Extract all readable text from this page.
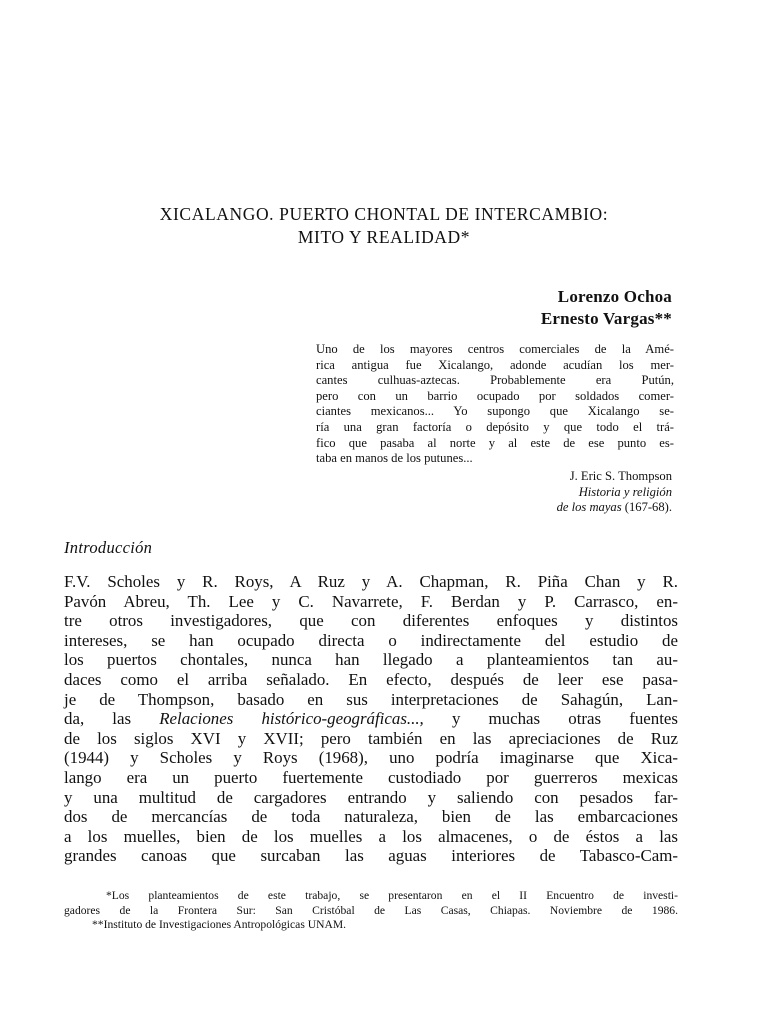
XICALANGO. PUERTO CHONTAL DE INTERCAMBIO:
MITO Y REALIDAD*
Lorenzo Ochoa
Ernesto Vargas**
Uno de los mayores centros comerciales de la Amé-
rica antigua fue Xicalango, adonde acudían los mer-
cantes culhuas-aztecas. Probablemente era Putún,
pero con un barrio ocupado por soldados comer-
ciantes mexicanos... Yo supongo que Xicalango se-
ría una gran factoría o depósito y que todo el trá-
fico que pasaba al norte y al este de ese punto es-
taba en manos de los putunes...
J. Eric S. Thompson
Historia y religión
de los mayas (167-68).
Introducción
F.V. Scholes y R. Roys, A Ruz y A. Chapman, R. Piña Chan y R.
Pavón Abreu, Th. Lee y C. Navarrete, F. Berdan y P. Carrasco, en-
tre otros investigadores, que con diferentes enfoques y distintos
intereses, se han ocupado directa o indirectamente del estudio de
los puertos chontales, nunca han llegado a planteamientos tan au-
daces como el arriba señalado. En efecto, después de leer ese pasa-
je de Thompson, basado en sus interpretaciones de Sahagún, Lan-
da, las Relaciones histórico-geográficas..., y muchas otras fuentes
de los siglos XVI y XVII; pero también en las apreciaciones de Ruz
(1944) y Scholes y Roys (1968), uno podría imaginarse que Xica-
lango era un puerto fuertemente custodiado por guerreros mexicas
y una multitud de cargadores entrando y saliendo con pesados far-
dos de mercancías de toda naturaleza, bien de las embarcaciones
a los muelles, bien de los muelles a los almacenes, o de éstos a las
grandes canoas que surcaban las aguas interiores de Tabasco-Cam-
*Los planteamientos de este trabajo, se presentaron en el II Encuentro de investi-
gadores de la Frontera Sur: San Cristóbal de Las Casas, Chiapas. Noviembre de 1986.
**Instituto de Investigaciones Antropológicas UNAM.
